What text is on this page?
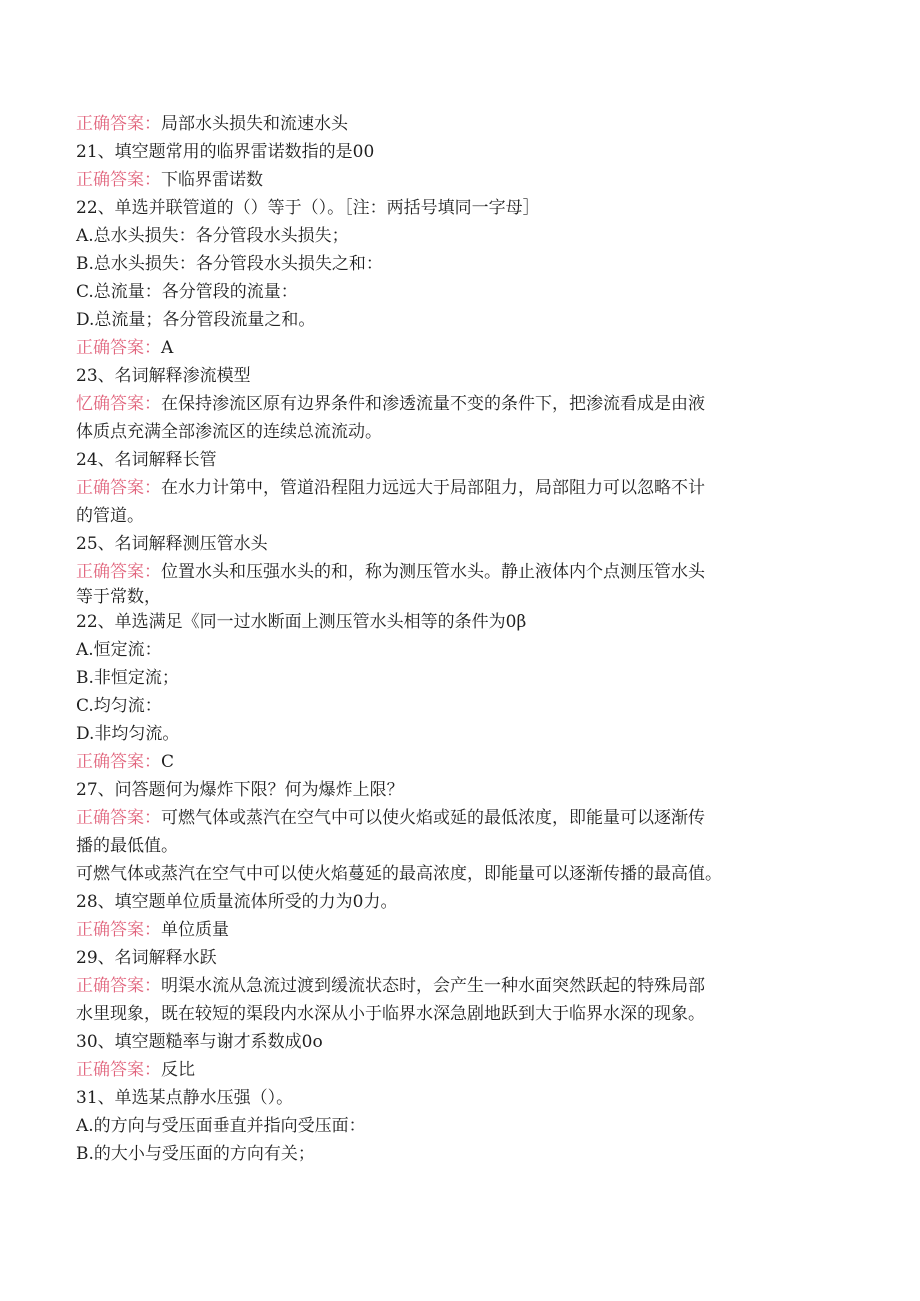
正确答案：局部水头损失和流速水头
21、填空题常用的临界雷诺数指的是00
正确答案：下临界雷诺数
22、单选并联管道的（）等于（）。［注：两括号填同一字母］
A.总水头损失：各分管段水头损失；
B.总水头损失：各分管段水头损失之和：
C.总流量：各分管段的流量：
D.总流量；各分管段流量之和。
正确答案：A
23、名词解释渗流模型
忆确答案：在保持渗流区原有边界条件和渗透流量不变的条件下，把渗流看成是由液
体质点充满全部渗流区的连续总流流动。
24、名词解释长管
正确答案：在水力计第中，管道沿程阻力远远大于局部阻力，局部阻力可以忽略不计
的管道。
25、名词解释测压管水头
正确答案：位置水头和压强水头的和，称为测压管水头。静止液体内个点测压管水头
等于常数，
22、单选满足《同一过水断面上测压管水头相等的条件为0β
A.恒定流：
B.非恒定流；
C.均匀流：
D.非均匀流。
正确答案：C
27、问答题何为爆炸下限？何为爆炸上限？
正确答案：可燃气体或蒸汽在空气中可以使火焰或延的最低浓度，即能量可以逐渐传
播的最低值。
可燃气体或蒸汽在空气中可以使火焰蔓延的最高浓度，即能量可以逐渐传播的最高值。
28、填空题单位质量流体所受的力为0力。
正确答案：单位质量
29、名词解释水跃
正确答案：明渠水流从急流过渡到缓流状态时，会产生一种水面突然跃起的特殊局部
水里现象，既在较短的渠段内水深从小于临界水深急剧地跃到大于临界水深的现象。
30、填空题糙率与谢才系数成0o
正确答案：反比
31、单选某点静水压强（）。
A.的方向与受压面垂直并指向受压面：
B.的大小与受压面的方向有关；
